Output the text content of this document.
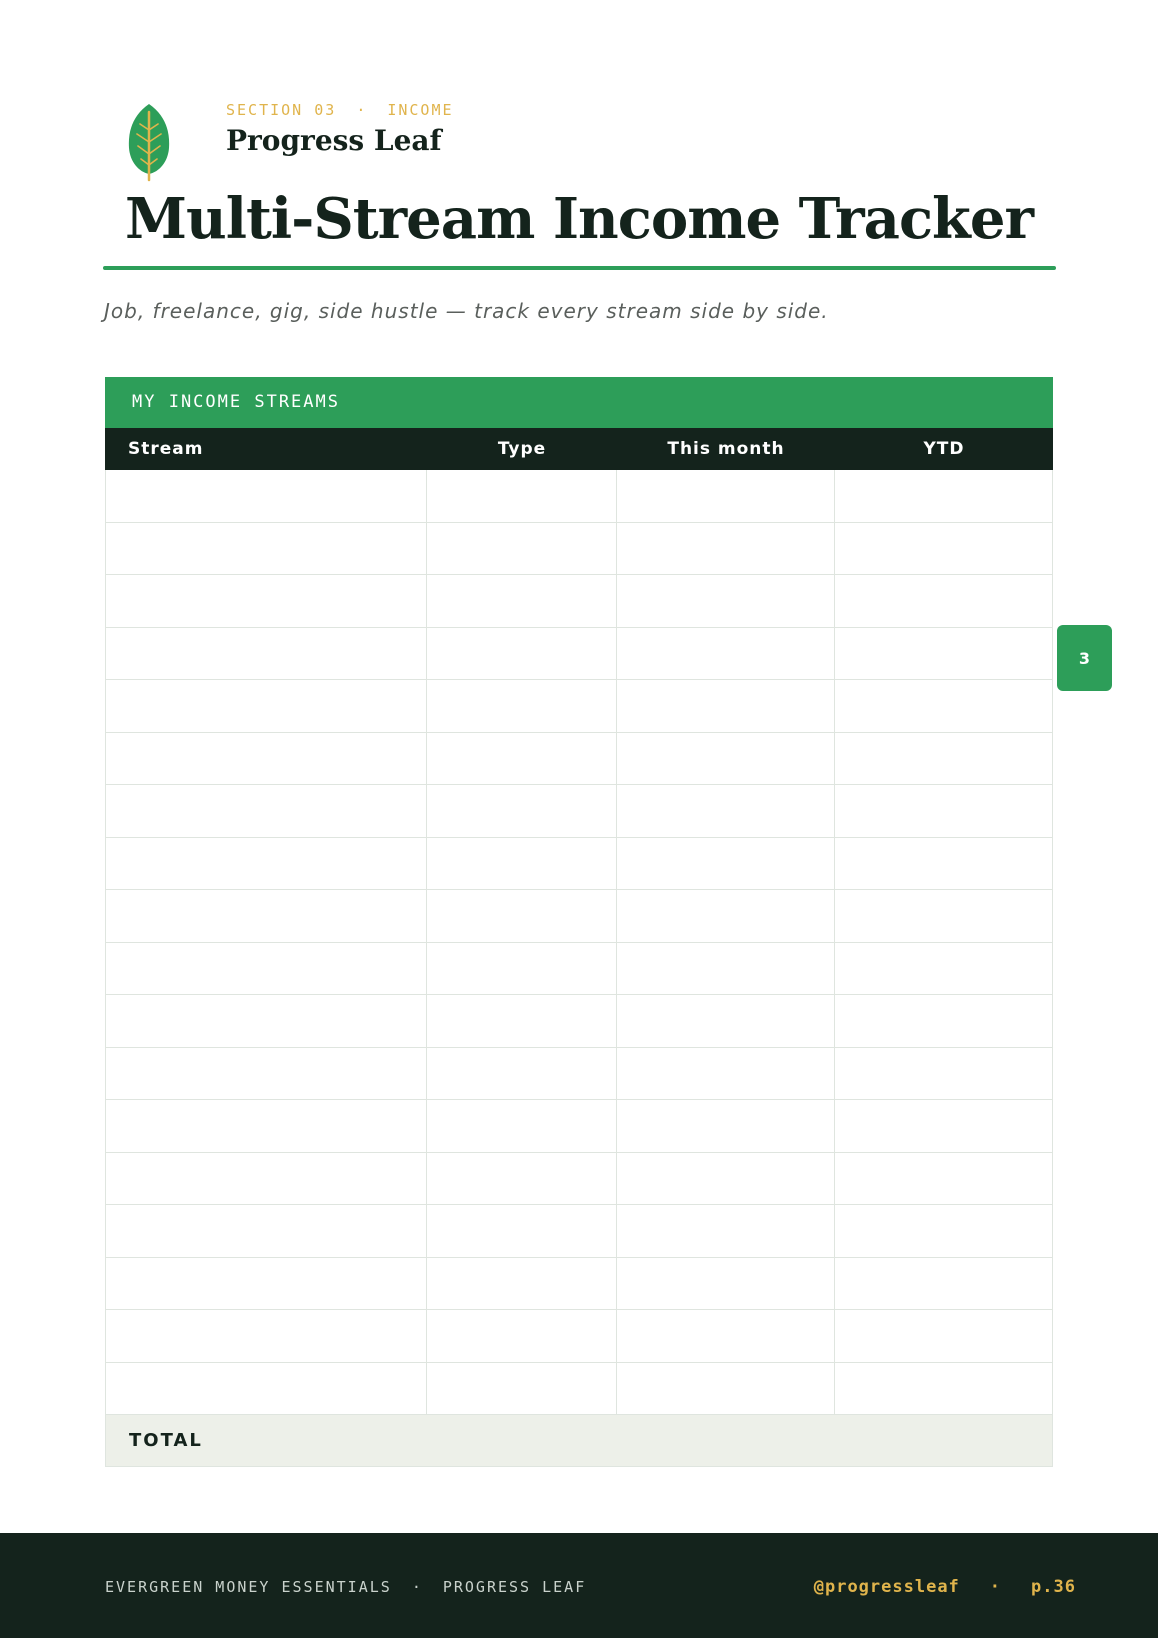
SECTION 03 · INCOME
Progress Leaf
Multi-Stream Income Tracker

Job, freelance, gig, side hustle — track every stream side by side.

MY INCOME STREAMS
Stream	Type	This month	YTD
TOTAL
3
EVERGREEN MONEY ESSENTIALS · PROGRESS LEAF	@progressleaf · p.36
